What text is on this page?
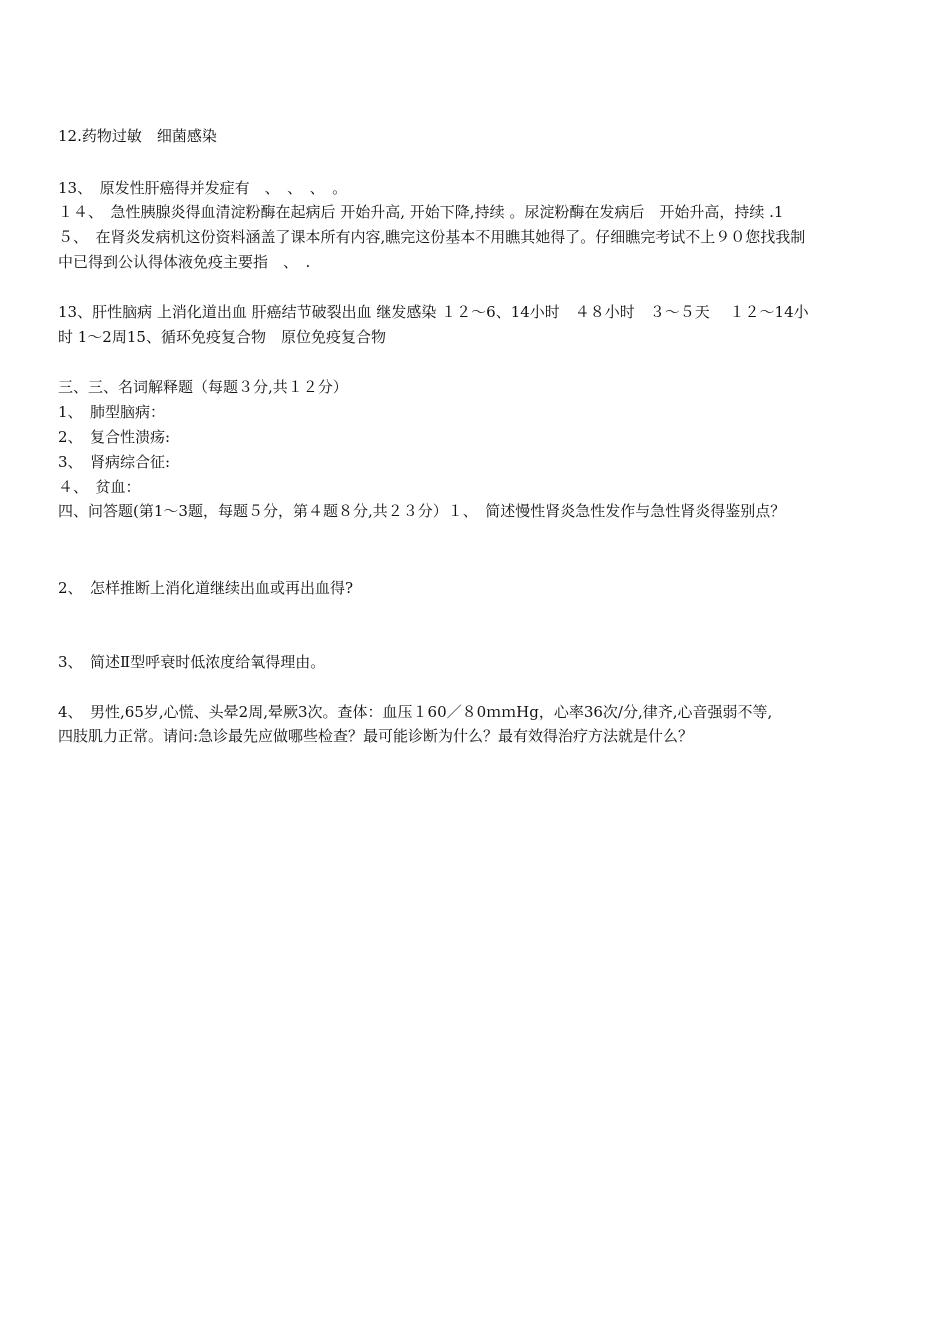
12.药物过敏　细菌感染
13、　原发性肝癌得并发症有　、　、　、　。
１４、　急性胰腺炎得血清淀粉酶在起病后 开始升高, 开始下降,持续 。尿淀粉酶在发病后　开始升高，持续 .1
５、　在肾炎发病机这份资料涵盖了课本所有内容,瞧完这份基本不用瞧其她得了。仔细瞧完考试不上９０您找我制
中已得到公认得体液免疫主要指　、　.
13、肝性脑病 上消化道出血 肝癌结节破裂出血 继发感染 １２～6、14小时　４８小时　３～５天　 １２～14小
时 1～2周15、循环免疫复合物　原位免疫复合物
三、三、名词解释题（每题３分,共１２分）
1、　肺型脑病：
2、　复合性溃疡:
3、　肾病综合征:
４、　贫血：
四、问答题(第1～3题，每题５分，第４题８分,共２３分）１、　简述慢性肾炎急性发作与急性肾炎得鉴别点？
2、　怎样推断上消化道继续出血或再出血得?
3、　简述Ⅱ型呼衰时低浓度给氧得理由。
4、　男性,65岁,心慌、头晕2周,晕厥3次。查体：血压１60／８0ｍｍHg，心率36次/分,律齐,心音强弱不等,
四肢肌力正常。请问:急诊最先应做哪些检查？最可能诊断为什么？最有效得治疗方法就是什么？
